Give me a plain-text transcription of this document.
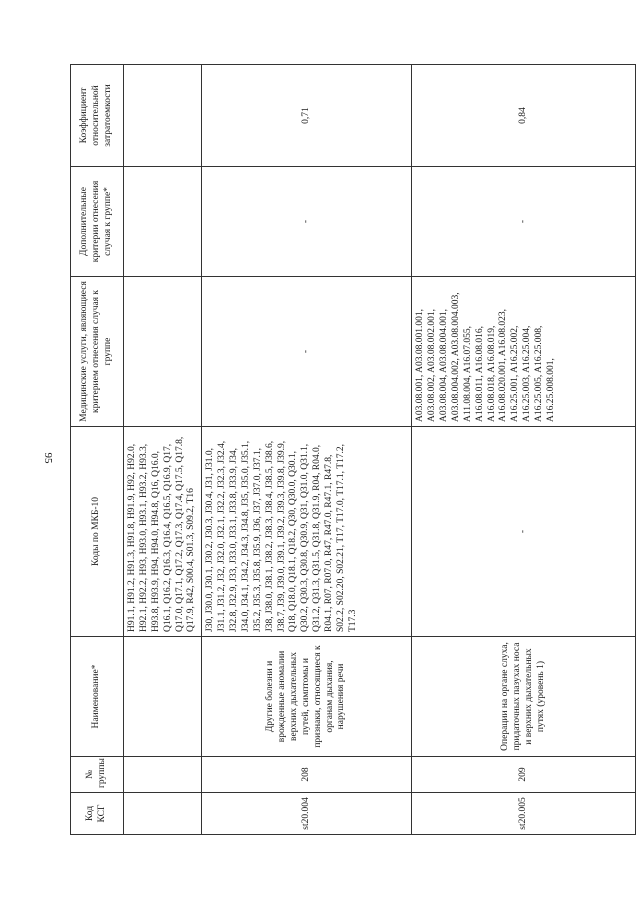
95
Код КСГ	№ группы	Наименование*	Коды по МКБ-10	Медицинские услуги, являющиеся критерием отнесения случая к группе	Дополнительные критерии отнесения случая к группе*	Коэффициент относительной затратоемкости
			H91.1, H91.2, H91.3, H91.8, H91.9, H92, H92.0, H92.1, H92.2, H93, H93.0, H93.1, H93.2, H93.3, H93.8, H93.9, H94, H94.0, H94.8, Q16, Q16.0, Q16.1, Q16.2, Q16.3, Q16.4, Q16.5, Q16.9, Q17, Q17.0, Q17.1, Q17.2, Q17.3, Q17.4, Q17.5, Q17.8, Q17.9, R42, S00.4, S01.3, S09.2, T16			
st20.004	208	Другие болезни и врожденные аномалии верхних дыхательных путей, симптомы и признаки, относящиеся к органам дыхания, нарушения речи	J30, J30.0, J30.1, J30.2, J30.3, J30.4, J31, J31.0, J31.1, J31.2, J32, J32.0, J32.1, J32.2, J32.3, J32.4, J32.8, J32.9, J33, J33.0, J33.1, J33.8, J33.9, J34, J34.0, J34.1, J34.2, J34.3, J34.8, J35, J35.0, J35.1, J35.2, J35.3, J35.8, J35.9, J36, J37, J37.0, J37.1, J38, J38.0, J38.1, J38.2, J38.3, J38.4, J38.5, J38.6, J38.7, J39, J39.0, J39.1, J39.2, J39.3, J39.8, J39.9, Q18, Q18.0, Q18.1, Q18.2, Q30, Q30.0, Q30.1, Q30.2, Q30.3, Q30.8, Q30.9, Q31, Q31.0, Q31.1, Q31.2, Q31.3, Q31.5, Q31.8, Q31.9, R04, R04.0, R04.1, R07, R07.0, R47, R47.0, R47.1, R47.8, S02.2, S02.20, S02.21, T17, T17.0, T17.1, T17.2, T17.3	-	-	0,71
st20.005	209	Операции на органе слуха, придаточных пазухах носа и верхних дыхательных путях (уровень 1)	-	A03.08.001, A03.08.001.001, A03.08.002, A03.08.002.001, A03.08.004, A03.08.004.001, A03.08.004.002, A03.08.004.003, A11.08.004, A16.07.055, A16.08.011, A16.08.016, A16.08.018, A16.08.019, A16.08.020.001, A16.08.023, A16.25.001, A16.25.002, A16.25.003, A16.25.004, A16.25.005, A16.25.008, A16.25.008.001,	-	0,84
